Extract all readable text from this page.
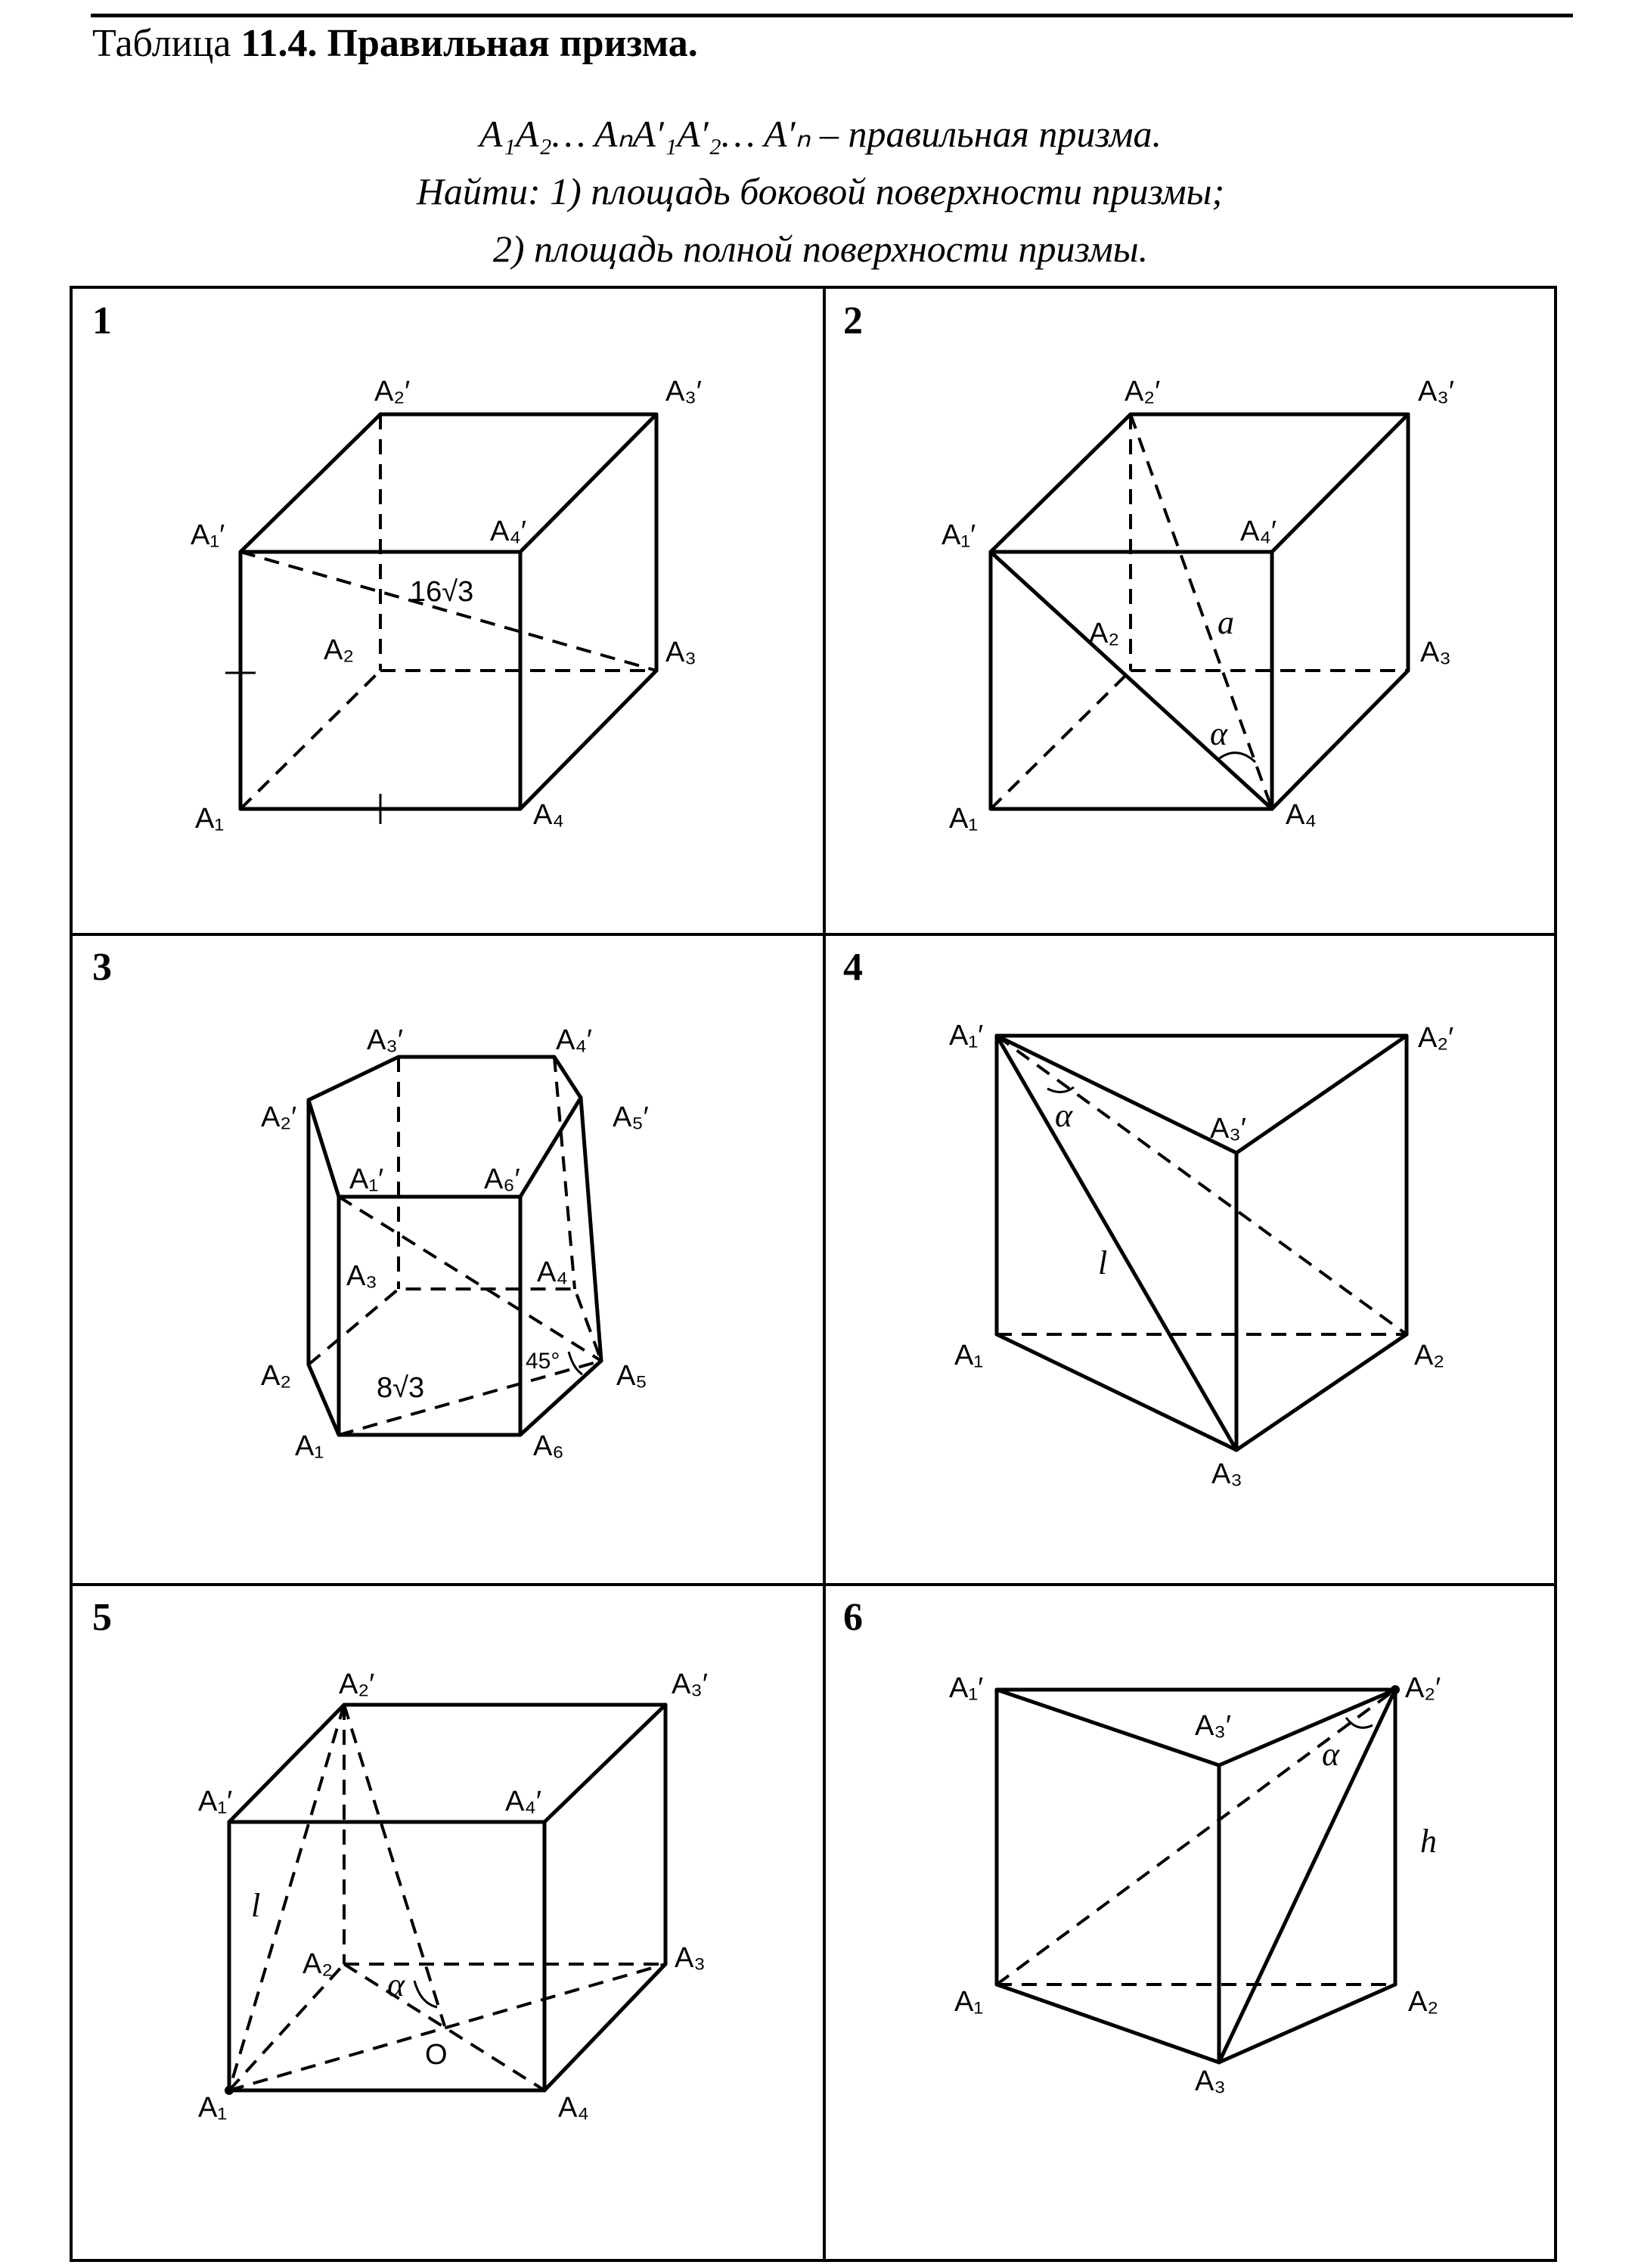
Таблица 11.4. Правильная призма.
A₁A₂… AₙA′₁A′₂… A′ₙ – правильная призма.
Найти: 1) площадь боковой поверхности призмы;
2) площадь полной поверхности призмы.
1	2
3	4
5	6
A₁′
A₂′	A₃′
A₄′
A₂	A₃
A₁	A₄
16√3
A₁′
A₂′	A₃′
A₄′
A₂
A₃
A₁	A₄
a
α
A₃′	A₄′
A₂′	A₅′
A₁′	A₆′
A₃	A₄
A₂	A₅
A₁	A₆
8√3
45°
A₁′	A₂′
A₃′
A₁	A₂
A₃
l
α
A₁′
A₂′	A₃′
A₄′
A₂	A₃
A₁	A₄
O
l
α
A₁′	A₂′
A₃′
A₁	A₂
A₃
h
α
